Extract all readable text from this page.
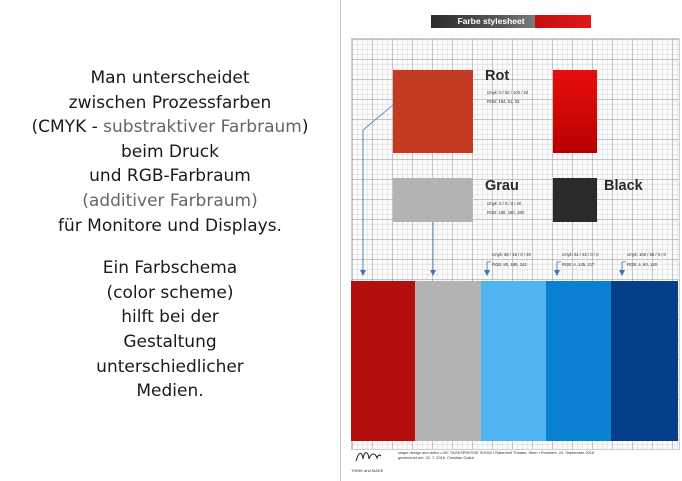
Man unterscheidet
zwischen Prozessfarben
(CMYK - substraktiver Farbraum)
beim Druck
und RGB-Farbraum
(additiver Farbraum)
für Monitore und Displays.
Ein Farbschema
(color scheme)
hilft bei der
Gestaltung
unterschiedlicher
Medien.
Farbe stylesheet
Rot
Grau	Black
cmyk: 0 / 82 / 100 / 20
RGB: 194, 51, 33
cmyk: 0 / 0 / 0 / 40
RGB: 180, 180, 180
cmyk: 66 / 15 / 0 / 40
RGB: 80, 180, 242
cmyk: 61 / 42 / 0 / 0
RGB: 4, 135, 217
cmyk: 100 / 65 / 0 / 0
RGB: 4, 60, 140
THINK and MAKE
skape design and video • DIE TAGESPRESSE SHOW • Rabenhof Theater, Wien • Premiere: 24. September 2016
gezeichnet am: 20. 7. 2016, Christian Gallut
